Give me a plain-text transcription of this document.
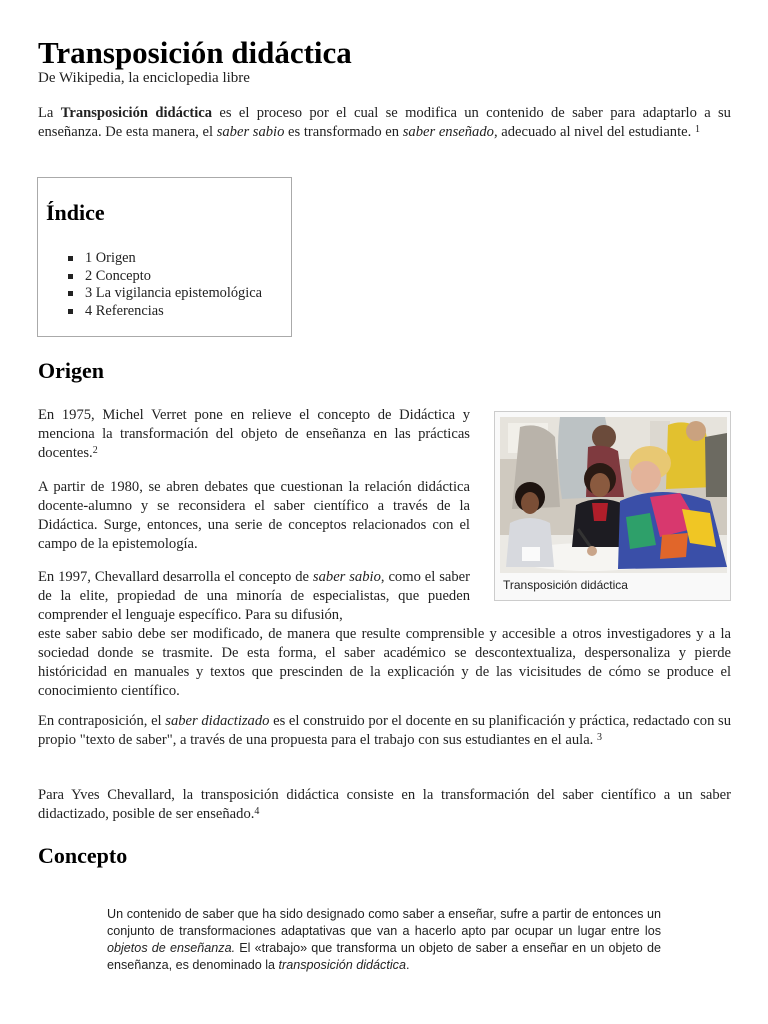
Transposición didáctica
De Wikipedia, la enciclopedia libre

La Transposición didáctica es el proceso por el cual se modifica un contenido de saber para adaptarlo a su enseñanza. De esta manera, el saber sabio es transformado en saber enseñado, adecuado al nivel del estudiante. $^1$

Índice
1 Origen
2 Concepto
3 La vigilancia epistemológica
4 Referencias
Origen

En 1975, Michel Verret pone en relieve el concepto de Didáctica y menciona la transformación del objeto de enseñanza en las prácticas docentes.$^2$

A partir de 1980, se abren debates que cuestionan la relación didáctica docente-alumno y se reconsidera el saber científico a través de la Didáctica. Surge, entonces, una serie de conceptos relacionados con el campo de la epistemología.

Transposición didáctica

En 1997, Chevallard desarrolla el concepto de saber sabio, como el saber de la elite, propiedad de una minoría de especialistas, que pueden comprender el lenguaje específico. Para su difusión,
este saber sabio debe ser modificado, de manera que resulte comprensible y accesible a otros investigadores y a la sociedad donde se trasmite. De esta forma, el saber académico se descontextualiza, despersonaliza y pierde históricidad en manuales y textos que prescinden de la explicación y de las vicisitudes de cómo se produce el conocimiento científico.

En contraposición, el saber didactizado es el construido por el docente en su planificación y práctica, redactado con su propio "texto de saber", a través de una propuesta para el trabajo con sus estudiantes en el aula. $^3$

Para Yves Chevallard, la transposición didáctica consiste en la transformación del saber científico a un saber didactizado, posible de ser enseñado.$^4$

Concepto
Un contenido de saber que ha sido designado como saber a enseñar, sufre a partir de entonces un conjunto de transformaciones adaptativas que van a hacerlo apto par ocupar un lugar entre los objetos de enseñanza. El «trabajo» que transforma un objeto de saber a enseñar en un objeto de enseñanza, es denominado la transposición didáctica.
